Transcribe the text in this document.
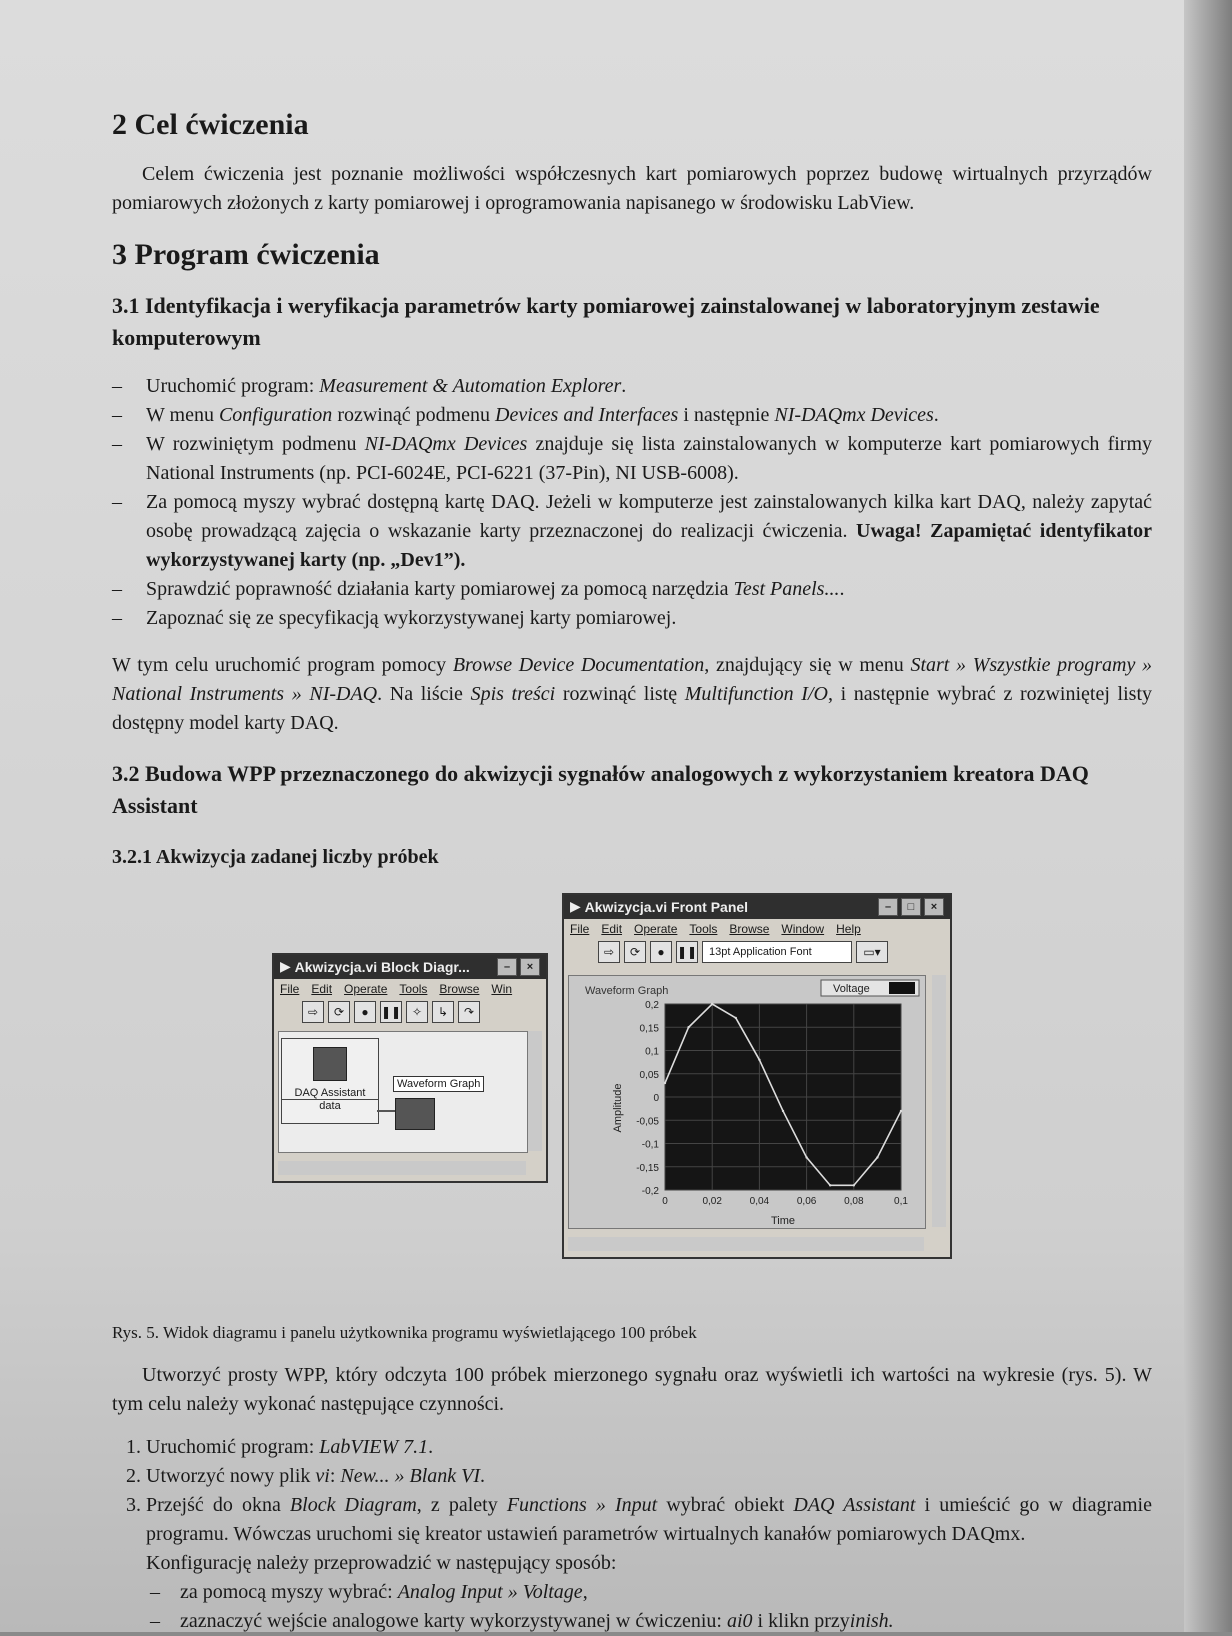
2 Cel ćwiczenia

Celem ćwiczenia jest poznanie możliwości współczesnych kart pomiarowych poprzez budowę wirtualnych przyrządów pomiarowych złożonych z karty pomiarowej i oprogramowania napisanego w środowisku LabView.

3 Program ćwiczenia
3.1 Identyfikacja i weryfikacja parametrów karty pomiarowej zainstalowanej w laboratoryjnym zestawie komputerowym
– Uruchomić program: Measurement & Automation Explorer.
– W menu Configuration rozwinąć podmenu Devices and Interfaces i następnie NI-DAQmx Devices.
– W rozwiniętym podmenu NI-DAQmx Devices znajduje się lista zainstalowanych w komputerze kart pomiarowych firmy National Instruments (np. PCI-6024E, PCI-6221 (37-Pin), NI USB-6008).
– Za pomocą myszy wybrać dostępną kartę DAQ. Jeżeli w komputerze jest zainstalowanych kilka kart DAQ, należy zapytać osobę prowadzącą zajęcia o wskazanie karty przeznaczonej do realizacji ćwiczenia. Uwaga! Zapamiętać identyfikator wykorzystywanej karty (np. „Dev1”).
– Sprawdzić poprawność działania karty pomiarowej za pomocą narzędzia Test Panels....
– Zapoznać się ze specyfikacją wykorzystywanej karty pomiarowej.

W tym celu uruchomić program pomocy Browse Device Documentation, znajdujący się w menu Start » Wszystkie programy » National Instruments » NI-DAQ. Na liście Spis treści rozwinąć listę Multifunction I/O, i następnie wybrać z rozwiniętej listy dostępny model karty DAQ.

3.2 Budowa WPP przeznaczonego do akwizycji sygnałów analogowych z wykorzystaniem kreatora DAQ Assistant
3.2.1 Akwizycja zadanej liczby próbek
▶ Akwizycja.vi Block Diagr...	–	×
File Edit Operate Tools Browse Win
⇨	⟳	●	❚❚ ✧	↳	↷
DAQ Assistant
data
Waveform Graph
▶ Akwizycja.vi Front Panel	–	□	×
File Edit Operate Tools Browse Window Help
⇨	⟳	●	❚❚	13pt Application Font	▭▾
Waveform Graph	Voltage
0	0,02	0,04	0,06	0,08	0,1
0,2
0,15
0,1
0,05
0
-0,05
-0,1
-0,15
-0,2
Time
Amplitude
Rys. 5. Widok diagramu i panelu użytkownika programu wyświetlającego 100 próbek

Utworzyć prosty WPP, który odczyta 100 próbek mierzonego sygnału oraz wyświetli ich wartości na wykresie (rys. 5). W tym celu należy wykonać następujące czynności.

1. Uruchomić program: LabVIEW 7.1.
2. Utworzyć nowy plik vi: New... » Blank VI.
3. Przejść do okna Block Diagram, z palety Functions » Input wybrać obiekt DAQ Assistant i umieścić go w diagramie programu. Wówczas uruchomi się kreator ustawień parametrów wirtualnych kanałów pomiarowych DAQmx.
Konfigurację należy przeprowadzić w następujący sposób:
– za pomocą myszy wybrać: Analog Input » Voltage,
– zaznaczyć wejście analogowe karty wykorzystywanej w ćwiczeniu: ai0 i klikn przyinish.
